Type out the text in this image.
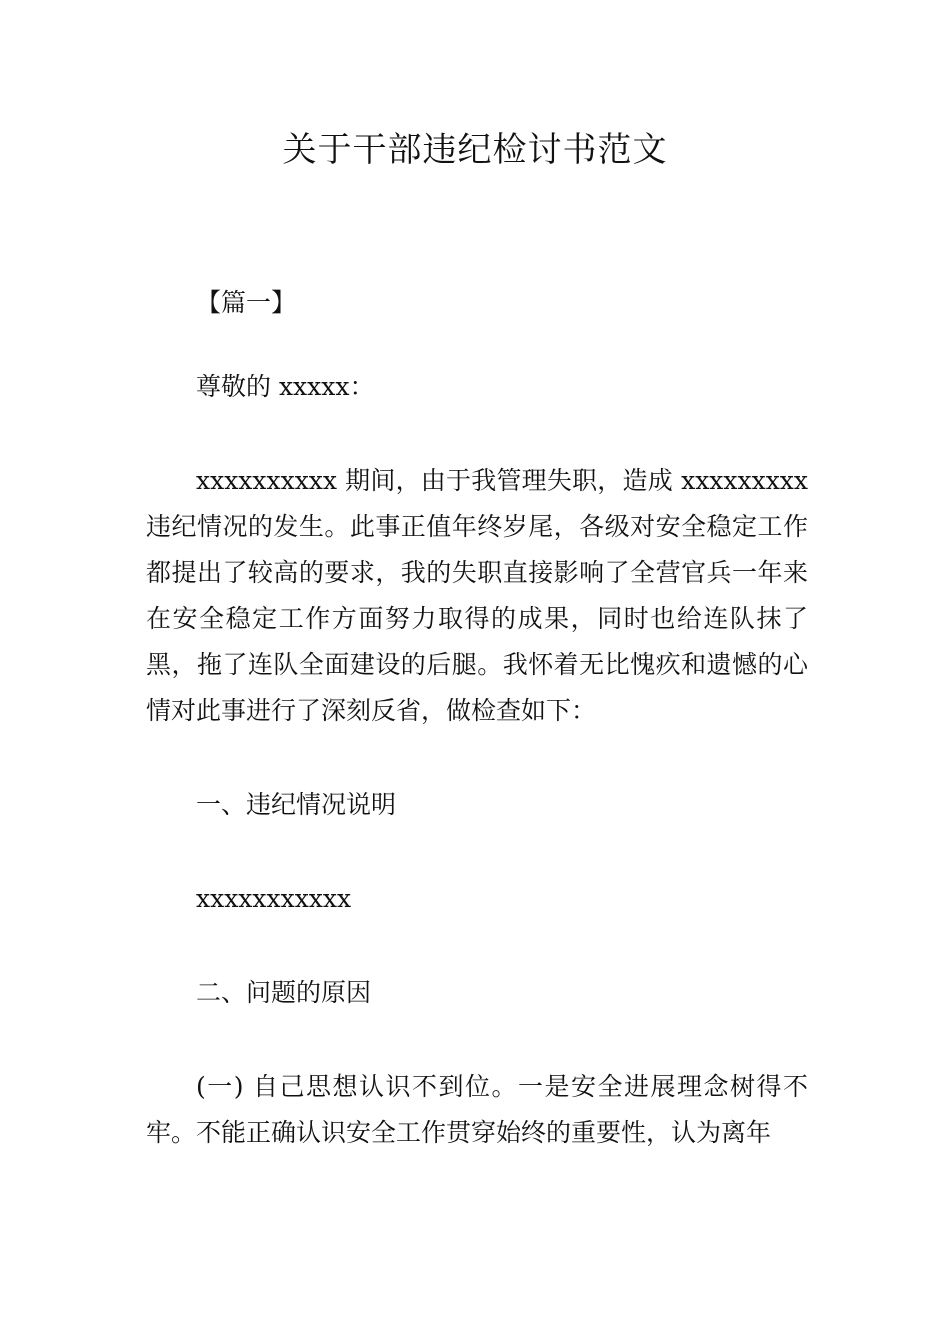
关于干部违纪检讨书范文

【篇一】

尊敬的 xxxxx：

xxxxxxxxxx 期间，由于我管理失职，造成 xxxxxxxxx 违纪情况的发生。此事正值年终岁尾，各级对安全稳定工作都提出了较高的要求，我的失职直接影响了全营官兵一年来在安全稳定工作方面努力取得的成果，同时也给连队抹了黑，拖了连队全面建设的后腿。我怀着无比愧疚和遗憾的心情对此事进行了深刻反省，做检查如下：

一、违纪情况说明

xxxxxxxxxxx

二、问题的原因

(一) 自己思想认识不到位。一是安全进展理念树得不牢。不能正确认识安全工作贯穿始终的重要性，认为离年
